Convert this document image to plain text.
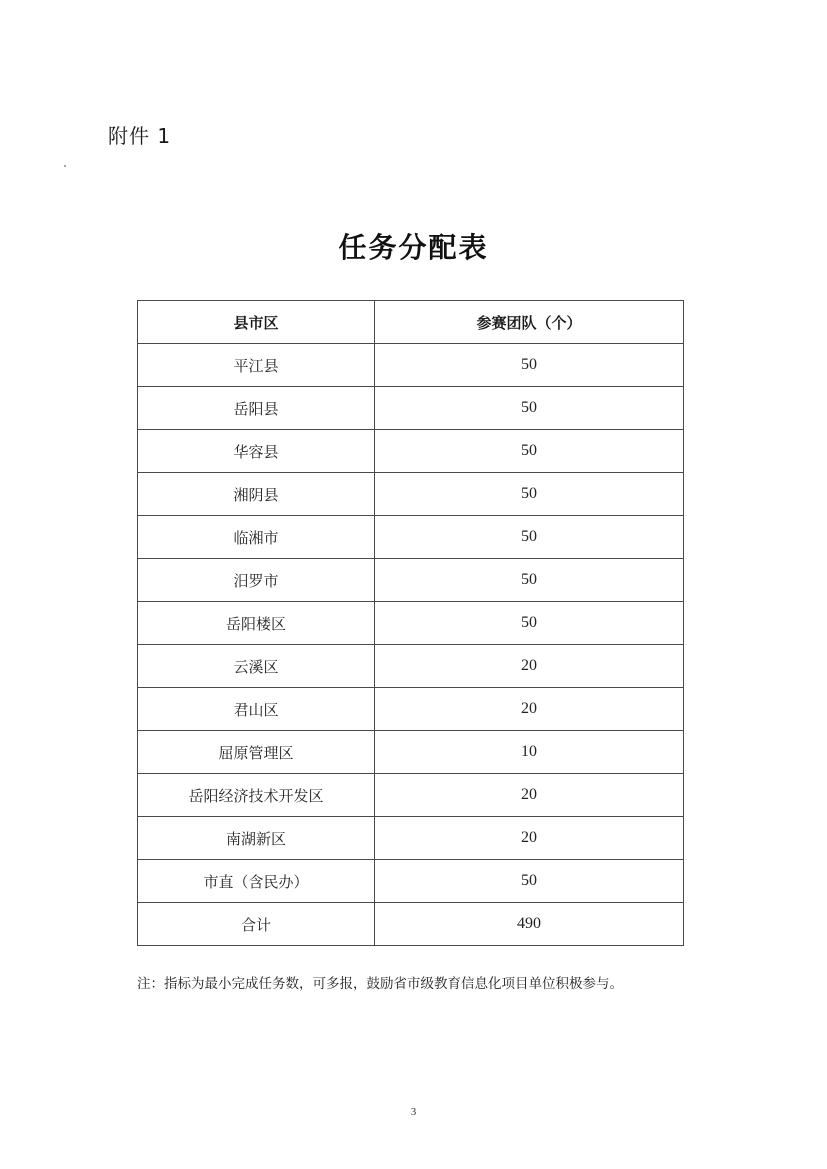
附件 1
任务分配表
县市区	参赛团队（个）
平江县	50
岳阳县	50
华容县	50
湘阴县	50
临湘市	50
汨罗市	50
岳阳楼区	50
云溪区	20
君山区	20
屈原管理区	10
岳阳经济技术开发区	20
南湖新区	20
市直（含民办）	50
合计	490
注：指标为最小完成任务数，可多报，鼓励省市级教育信息化项目单位积极参与。
3
